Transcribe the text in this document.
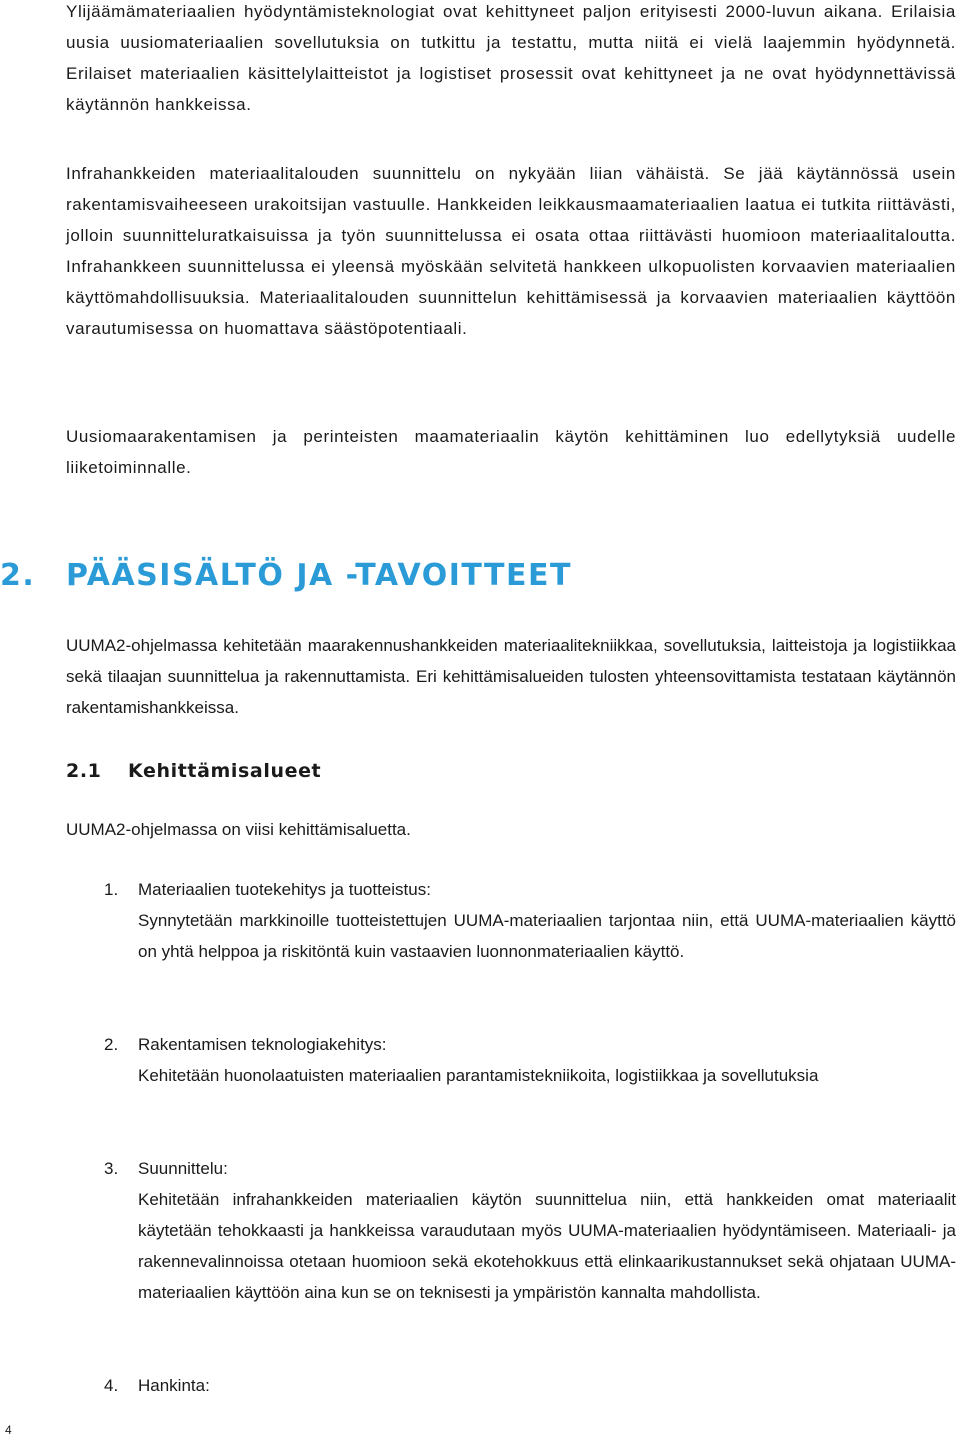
Ylijäämämateriaalien hyödyntämisteknologiat ovat kehittyneet paljon erityisesti 2000-luvun aikana. Erilaisia uusia uusiomateriaalien sovellutuksia on tutkittu ja testattu, mutta niitä ei vielä laajemmin hyödynnetä. Erilaiset materiaalien käsittelylaitteistot ja logistiset prosessit ovat kehittyneet ja ne ovat hyödynnettävissä käytännön hankkeissa.

Infrahankkeiden materiaalitalouden suunnittelu on nykyään liian vähäistä. Se jää käytännössä usein rakentamisvaiheeseen urakoitsijan vastuulle. Hankkeiden leikkausmaamateriaalien laatua ei tutkita riittävästi, jolloin suunnitteluratkaisuissa ja työn suunnittelussa ei osata ottaa riittävästi huomioon materiaalitaloutta. Infrahankkeen suunnittelussa ei yleensä myöskään selvitetä hankkeen ulkopuolisten korvaavien materiaalien käyttömahdollisuuksia. Materiaalitalouden suunnittelun kehittämisessä ja korvaavien materiaalien käyttöön varautumisessa on huomattava säästöpotentiaali.

Uusiomaarakentamisen ja perinteisten maamateriaalin käytön kehittäminen luo edellytyksiä uudelle liiketoiminnalle.

2. PÄÄSISÄLTÖ JA -TAVOITTEET

UUMA2-ohjelmassa kehitetään maarakennushankkeiden materiaalitekniikkaa, sovellutuksia, laitteistoja ja logistiikkaa sekä tilaajan suunnittelua ja rakennuttamista. Eri kehittämisalueiden tulosten yhteensovittamista testataan käytännön rakentamishankkeissa.

2.1 Kehittämisalueet

UUMA2-ohjelmassa on viisi kehittämisaluetta.

1. Materiaalien tuotekehitys ja tuotteistus:

Synnytetään markkinoille tuotteistettujen UUMA-materiaalien tarjontaa niin, että UUMA-materiaalien käyttö on yhtä helppoa ja riskitöntä kuin vastaavien luonnonmateriaalien käyttö.

2. Rakentamisen teknologiakehitys:

Kehitetään huonolaatuisten materiaalien parantamistekniikoita, logistiikkaa ja sovellutuksia

3. Suunnittelu:

Kehitetään infrahankkeiden materiaalien käytön suunnittelua niin, että hankkeiden omat materiaalit käytetään tehokkaasti ja hankkeissa varaudutaan myös UUMA-materiaalien hyödyntämiseen. Materiaali- ja rakennevalinnoissa otetaan huomioon sekä ekotehokkuus että elinkaarikustannukset sekä ohjataan UUMA-materiaalien käyttöön aina kun se on teknisesti ja ympäristön kannalta mahdollista.

4. Hankinta:

4
